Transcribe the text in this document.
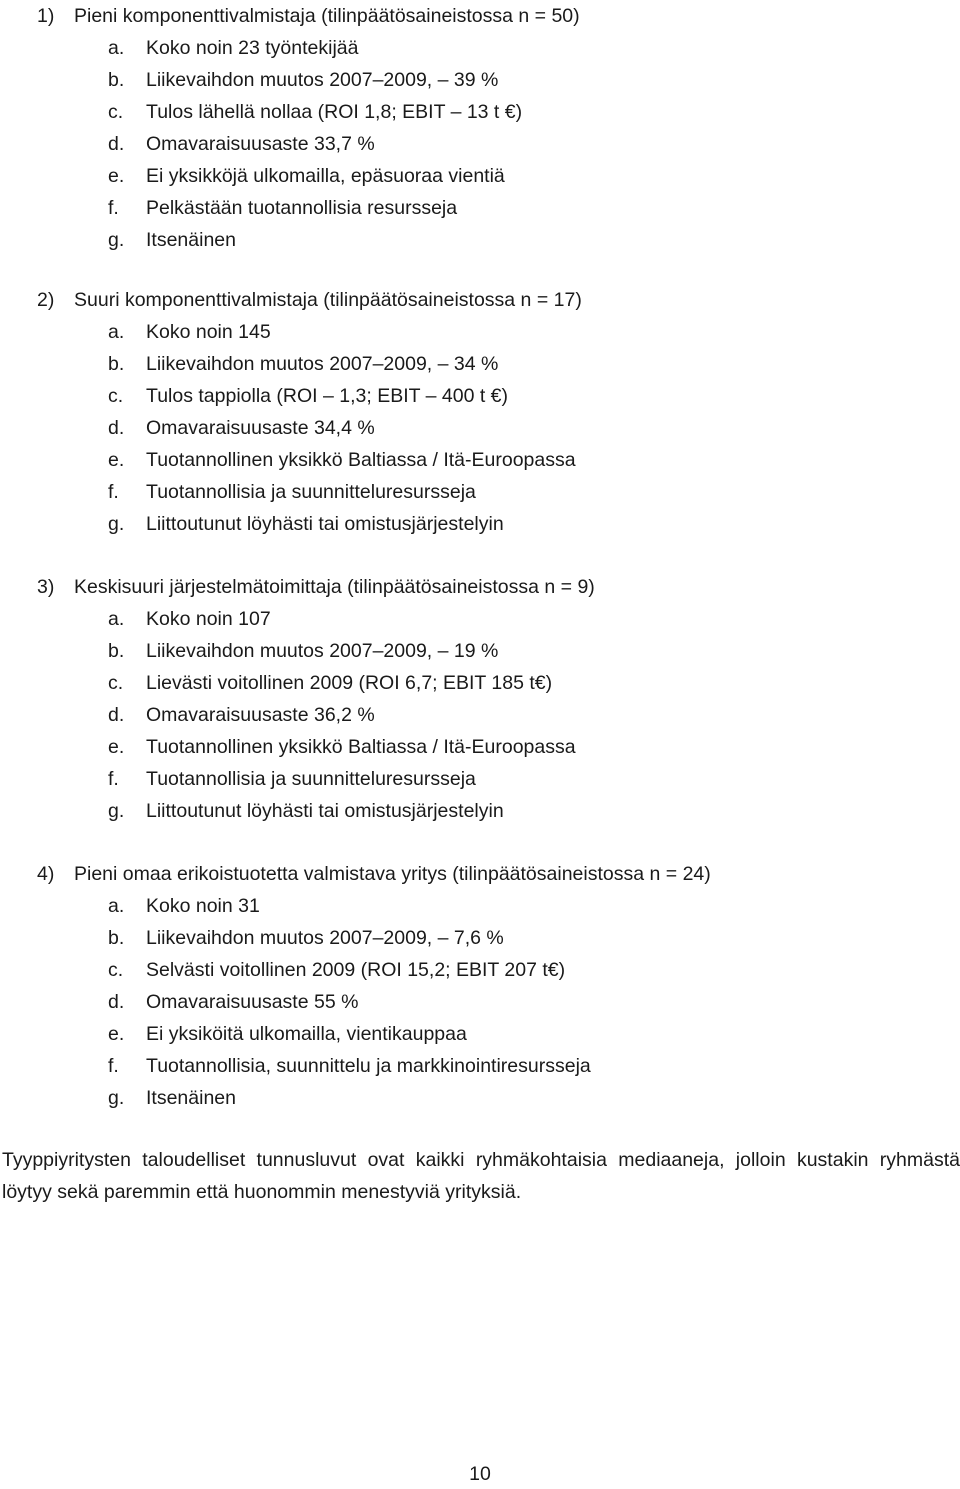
1) Pieni komponenttivalmistaja (tilinpäätösaineistossa n = 50)
a. Koko noin 23 työntekijää
b. Liikevaihdon muutos 2007–2009, – 39 %
c. Tulos lähellä nollaa (ROI 1,8; EBIT – 13 t €)
d. Omavaraisuusaste 33,7 %
e. Ei yksikköjä ulkomailla, epäsuoraa vientiä
f. Pelkästään tuotannollisia resursseja
g. Itsenäinen
2) Suuri komponenttivalmistaja (tilinpäätösaineistossa n = 17)
a. Koko noin 145
b. Liikevaihdon muutos 2007–2009, – 34 %
c. Tulos tappiolla (ROI – 1,3; EBIT – 400 t €)
d. Omavaraisuusaste 34,4 %
e. Tuotannollinen yksikkö Baltiassa / Itä-Euroopassa
f. Tuotannollisia ja suunnitteluresursseja
g. Liittoutunut löyhästi tai omistusjärjestelyin
3) Keskisuuri järjestelmätoimittaja (tilinpäätösaineistossa n = 9)
a. Koko noin 107
b. Liikevaihdon muutos 2007–2009, – 19 %
c. Lievästi voitollinen 2009 (ROI 6,7; EBIT 185 t€)
d. Omavaraisuusaste 36,2 %
e. Tuotannollinen yksikkö Baltiassa / Itä-Euroopassa
f. Tuotannollisia ja suunnitteluresursseja
g. Liittoutunut löyhästi tai omistusjärjestelyin
4) Pieni omaa erikoistuotetta valmistava yritys (tilinpäätösaineistossa n = 24)
a. Koko noin 31
b. Liikevaihdon muutos 2007–2009, – 7,6 %
c. Selvästi voitollinen 2009 (ROI 15,2; EBIT 207 t€)
d. Omavaraisuusaste 55 %
e. Ei yksiköitä ulkomailla, vientikauppaa
f. Tuotannollisia, suunnittelu ja markkinointiresursseja
g. Itsenäinen

Tyyppiyritysten taloudelliset tunnusluvut ovat kaikki ryhmäkohtaisia mediaaneja, jolloin kustakin ryhmästä löytyy sekä paremmin että huonommin menestyviä yrityksiä.

10
